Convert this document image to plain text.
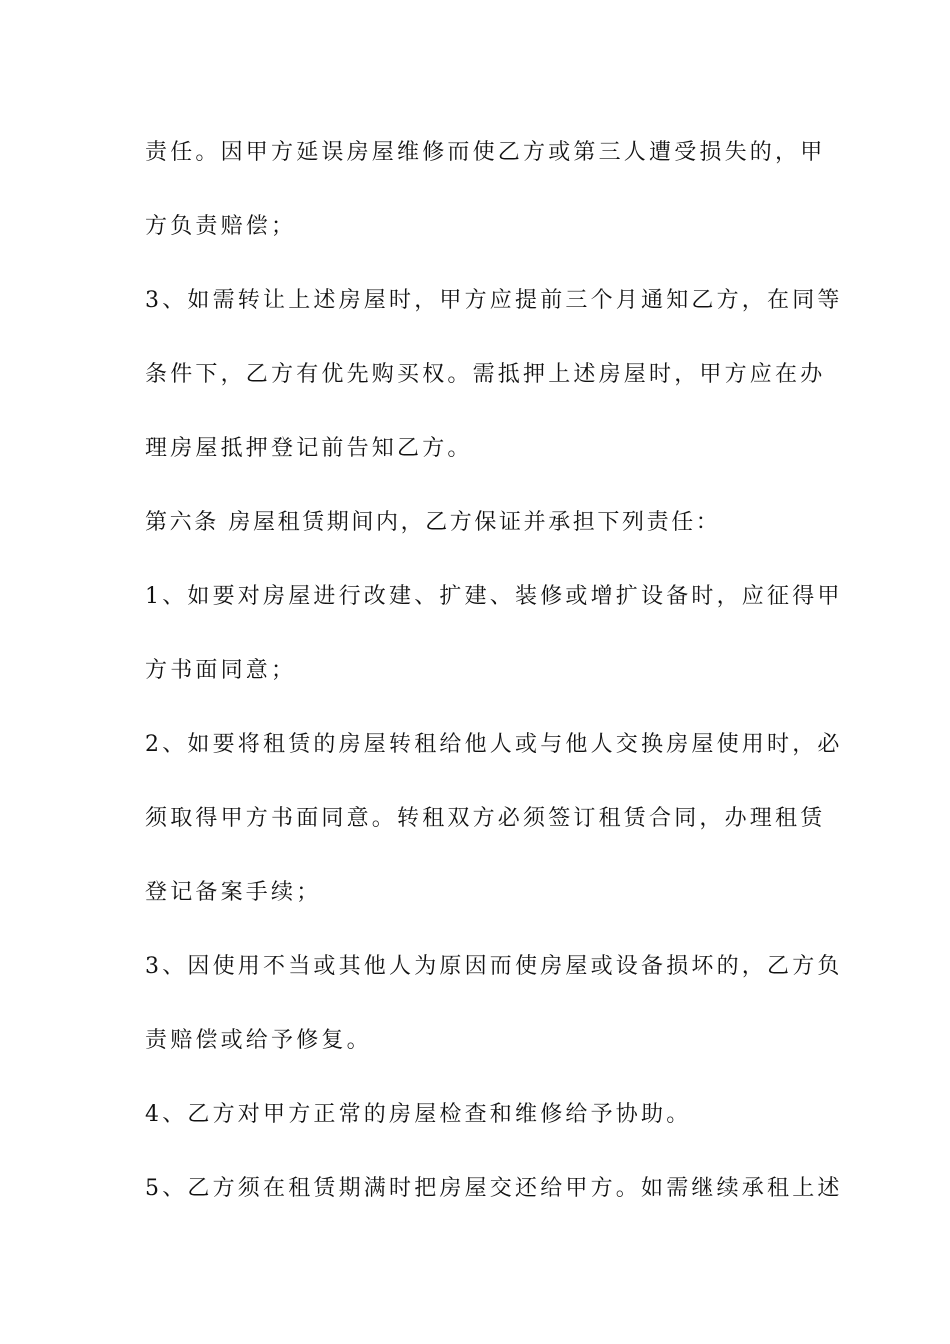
责任。因甲方延误房屋维修而使乙方或第三人遭受损失的，甲

方负责赔偿；

3、如需转让上述房屋时，甲方应提前三个月通知乙方，在同等

条件下，乙方有优先购买权。需抵押上述房屋时，甲方应在办

理房屋抵押登记前告知乙方。

第六条 房屋租赁期间内，乙方保证并承担下列责任：

1、如要对房屋进行改建、扩建、装修或增扩设备时，应征得甲

方书面同意；

2、如要将租赁的房屋转租给他人或与他人交换房屋使用时，必

须取得甲方书面同意。转租双方必须签订租赁合同，办理租赁

登记备案手续；

3、因使用不当或其他人为原因而使房屋或设备损坏的，乙方负

责赔偿或给予修复。

4、乙方对甲方正常的房屋检查和维修给予协助。

5、乙方须在租赁期满时把房屋交还给甲方。如需继续承租上述
